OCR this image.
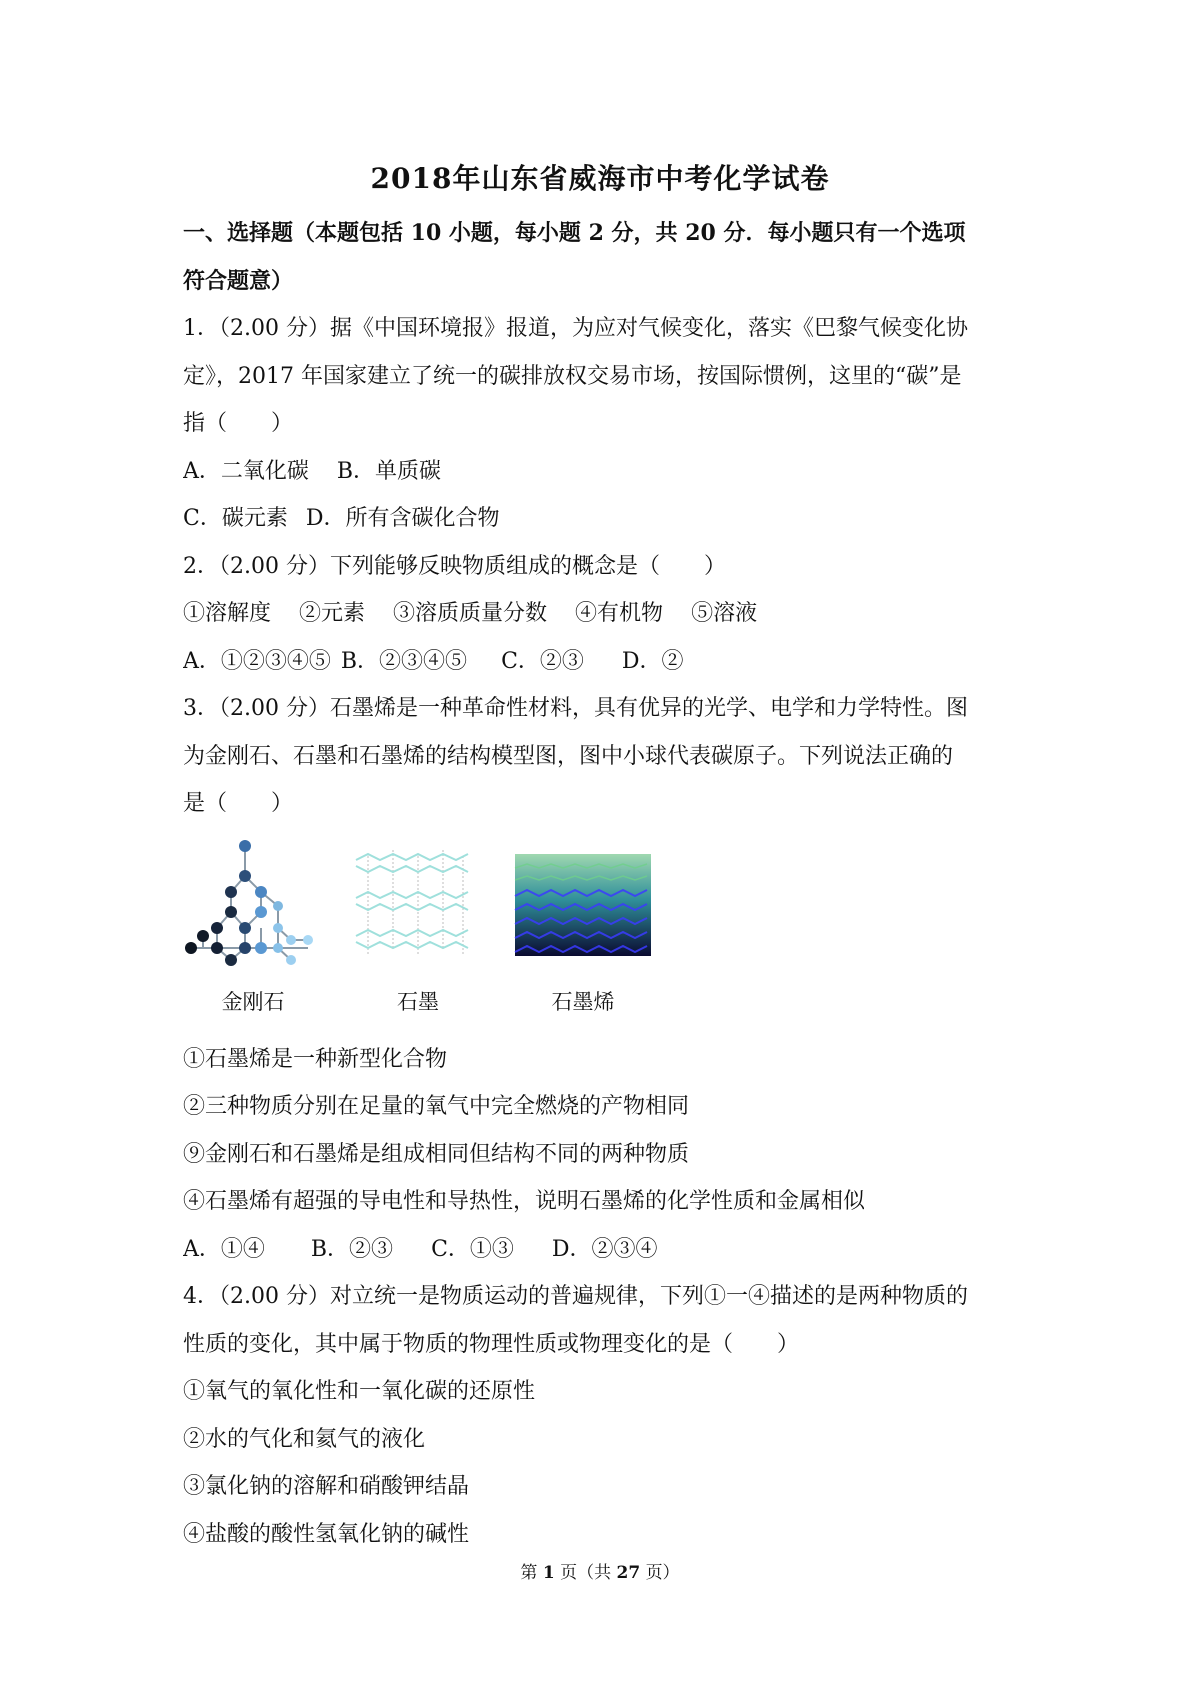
2018年山东省威海市中考化学试卷
一、选择题（本题包括 10 小题，每小题 2 分，共 20 分．每小题只有一个选项
符合题意）
1．（2.00 分）据《中国环境报》报道，为应对气候变化，落实《巴黎气候变化协
定》，2017 年国家建立了统一的碳排放权交易市场，按国际惯例，这里的“碳”是
指（　　）
A．二氧化碳 B．单质碳
C．碳元素 D．所有含碳化合物
2．（2.00 分）下列能够反映物质组成的概念是（　　）
①溶解度 ②元素 ③溶质质量分数 ④有机物 ⑤溶液
A．①②③④⑤ B．②③④⑤ C．②③ D．②
3．（2.00 分）石墨烯是一种革命性材料，具有优异的光学、电学和力学特性。图
为金刚石、石墨和石墨烯的结构模型图，图中小球代表碳原子。下列说法正确的
是（　　）
金刚石	石墨	石墨烯
①石墨烯是一种新型化合物
②三种物质分别在足量的氧气中完全燃烧的产物相同
⑨金刚石和石墨烯是组成相同但结构不同的两种物质
④石墨烯有超强的导电性和导热性，说明石墨烯的化学性质和金属相似
A．①④ B．②③ C．①③ D．②③④
4．（2.00 分）对立统一是物质运动的普遍规律，下列①一④描述的是两种物质的
性质的变化，其中属于物质的物理性质或物理变化的是（　　）
①氧气的氧化性和一氧化碳的还原性
②水的气化和氦气的液化
③氯化钠的溶解和硝酸钾结晶
④盐酸的酸性氢氧化钠的碱性
第 1 页（共 27 页）
